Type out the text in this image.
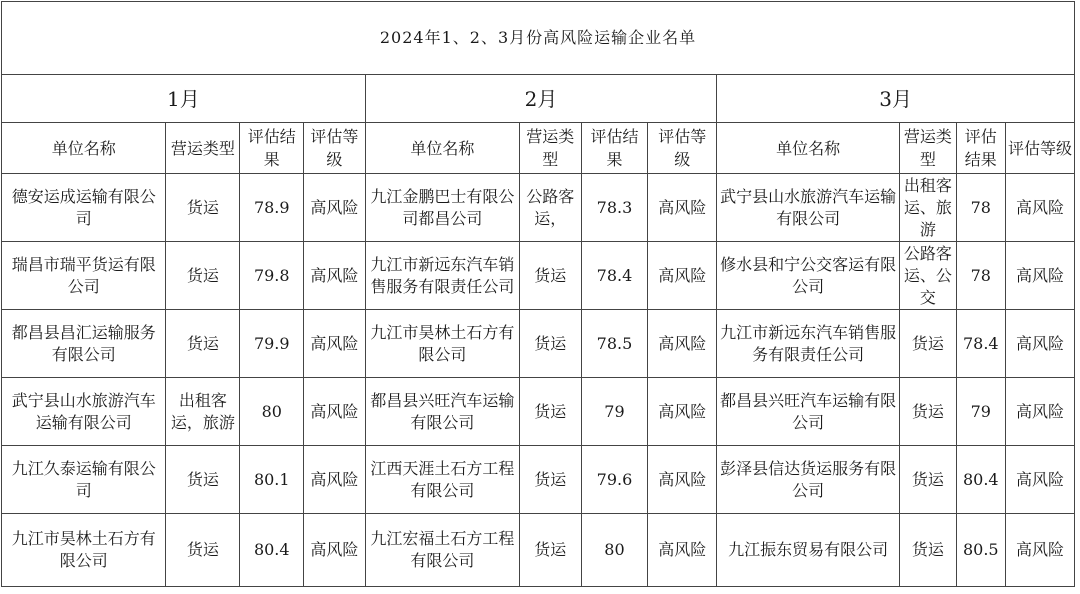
2024年1、2、3月份高风险运输企业名单											
1月				2月				3月			
单位名称	营运类型	评估结果	评估等级	单位名称	营运类型	评估结果	评估等级	单位名称	营运类型	评估结果	评估等级

德安运成运输有限公司	货运	78.9	高风险	九江金鹏巴士有限公司都昌公司	公路客运，	78.3	高风险	武宁县山水旅游汽车运输有限公司	出租客运、旅游	78	高风险

瑞昌市瑞平货运有限公司	货运	79.8	高风险	九江市新远东汽车销售服务有限责任公司	货运	78.4	高风险	修水县和宁公交客运有限公司	公路客运、公交	78	高风险

都昌县昌汇运输服务有限公司	货运	79.9	高风险	九江市昊林土石方有限公司	货运	78.5	高风险	九江市新远东汽车销售服务有限责任公司	货运	78.4	高风险

武宁县山水旅游汽车运输有限公司	出租客运，旅游	80	高风险	都昌县兴旺汽车运输有限公司	货运	79	高风险	都昌县兴旺汽车运输有限公司	货运	79	高风险

九江久泰运输有限公司	货运	80.1	高风险	江西天涯土石方工程有限公司	货运	79.6	高风险	彭泽县信达货运服务有限公司	货运	80.4	高风险

九江市昊林土石方有限公司	货运	80.4	高风险	九江宏福土石方工程有限公司	货运	80	高风险	九江振东贸易有限公司	货运	80.5	高风险
